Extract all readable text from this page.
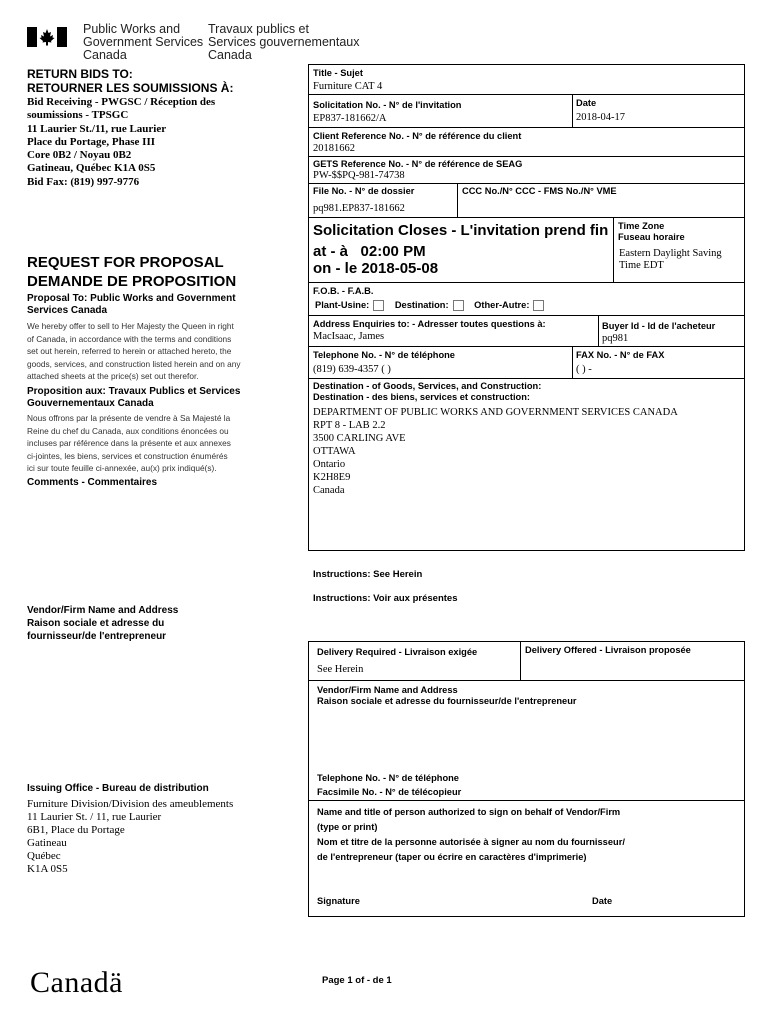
Public Works and
Government Services
Canada
Travaux publics et
Services gouvernementaux
Canada
RETURN BIDS TO:
RETOURNER LES SOUMISSIONS À:
Bid Receiving - PWGSC / Réception des
soumissions - TPSGC
11 Laurier St./11, rue Laurier
Place du Portage, Phase III
Core 0B2 / Noyau 0B2
Gatineau, Québec K1A 0S5
Bid Fax: (819) 997-9776
REQUEST FOR PROPOSAL
DEMANDE DE PROPOSITION
Proposal To: Public Works and Government
Services Canada
We hereby offer to sell to Her Majesty the Queen in right
of Canada, in accordance with the terms and conditions
set out herein, referred to herein or attached hereto, the
goods, services, and construction listed herein and on any
attached sheets at the price(s) set out therefor.
Proposition aux: Travaux Publics et Services
Gouvernementaux Canada
Nous offrons par la présente de vendre à Sa Majesté la
Reine du chef du Canada, aux conditions énoncées ou
incluses par référence dans la présente et aux annexes
ci-jointes, les biens, services et construction énumérés
ici sur toute feuille ci-annexée, au(x) prix indiqué(s).
Comments - Commentaires
Vendor/Firm Name and Address
Raison sociale et adresse du
fournisseur/de l'entrepreneur
Issuing Office - Bureau de distribution
Furniture Division/Division des ameublements
11 Laurier St. / 11, rue Laurier
6B1, Place du Portage
Gatineau
Québec
K1A 0S5
Title - Sujet
Furniture CAT 4
Solicitation No. - N° de l'invitation
EP837-181662/A
Date
2018-04-17
Client Reference No. - N° de référence du client
20181662
GETS Reference No. - N° de référence de SEAG
PW-$$PQ-981-74738
File No. - N° de dossier
pq981.EP837-181662
CCC No./N° CCC - FMS No./N° VME
Solicitation Closes - L'invitation prend fin
at - à 02:00 PM
on - le 2018-05-08
Time Zone
Fuseau horaire
Eastern Daylight Saving
Time EDT
F.O.B. - F.A.B.
Plant-Usine:	Destination:	Other-Autre:
Address Enquiries to: - Adresser toutes questions à:
MacIsaac, James
Buyer Id - Id de l'acheteur
pq981
Telephone No. - N° de téléphone
(819) 639-4357 ( )
FAX No. - N° de FAX
( ) -
Destination - of Goods, Services, and Construction:
Destination - des biens, services et construction:
DEPARTMENT OF PUBLIC WORKS AND GOVERNMENT SERVICES CANADA
RPT 8 - LAB 2.2
3500 CARLING AVE
OTTAWA
Ontario
K2H8E9
Canada
Instructions: See Herein
Instructions: Voir aux présentes
Delivery Required - Livraison exigée
See Herein
Delivery Offered - Livraison proposée
Vendor/Firm Name and Address
Raison sociale et adresse du fournisseur/de l'entrepreneur
Telephone No. - N° de téléphone
Facsimile No. - N° de télécopieur
Name and title of person authorized to sign on behalf of Vendor/Firm
(type or print)
Nom et titre de la personne autorisée à signer au nom du fournisseur/
de l'entrepreneur (taper ou écrire en caractères d'imprimerie)
Signature	Date
Canadä	Page 1 of - de 1
